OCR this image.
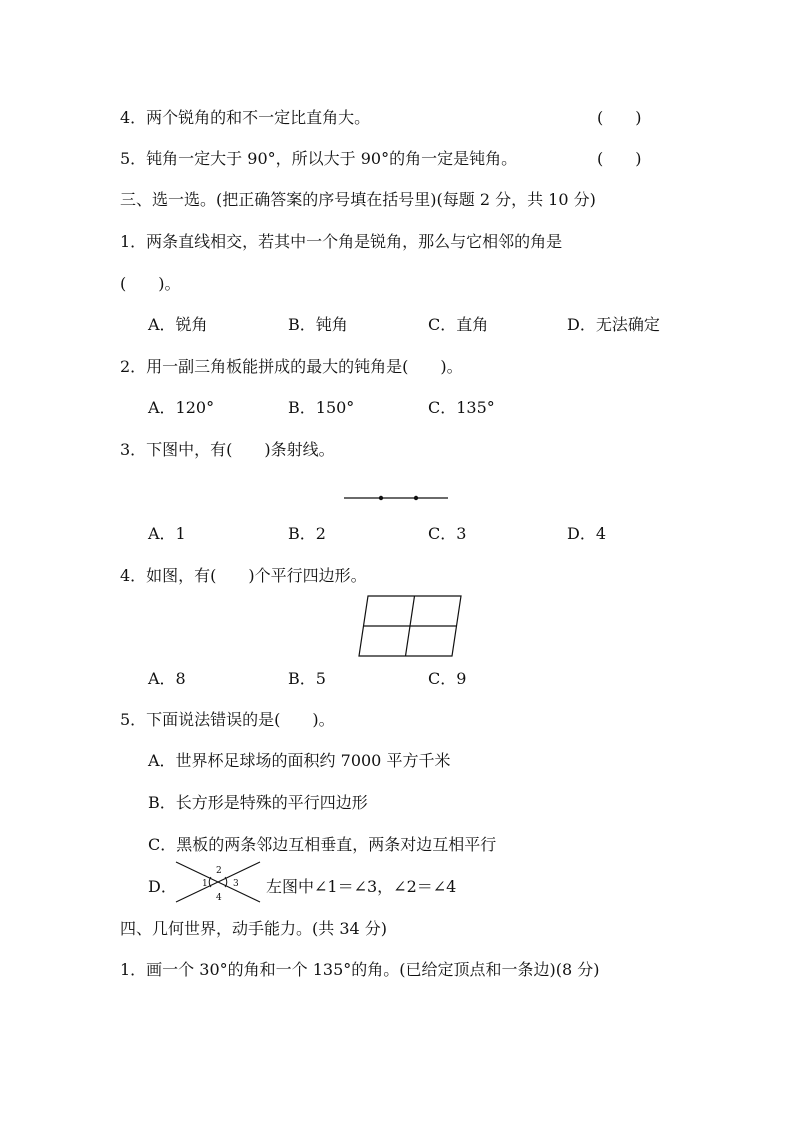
4．两个锐角的和不一定比直角大。	(　　)
5．钝角一定大于 90°，所以大于 90°的角一定是钝角。	(　　)
三、选一选。(把正确答案的序号填在括号里)(每题 2 分，共 10 分)
1．两条直线相交，若其中一个角是锐角，那么与它相邻的角是
(　　)。
A．锐角	B．钝角	C．直角	D．无法确定
2．用一副三角板能拼成的最大的钝角是(　　)。
A．120°	B．150°	C．135°
3．下图中，有(　　)条射线。
A．1	B．2	C．3	D．4
4．如图，有(　　)个平行四边形。
A．8	B．5	C．9
5．下面说法错误的是(　　)。
A．世界杯足球场的面积约 7000 平方千米
B．长方形是特殊的平行四边形
C．黑板的两条邻边互相垂直，两条对边互相平行
D．	1
2
3
4
左图中∠1＝∠3，∠2＝∠4
四、几何世界，动手能力。(共 34 分)
1．画一个 30°的角和一个 135°的角。(已给定顶点和一条边)(8 分)
